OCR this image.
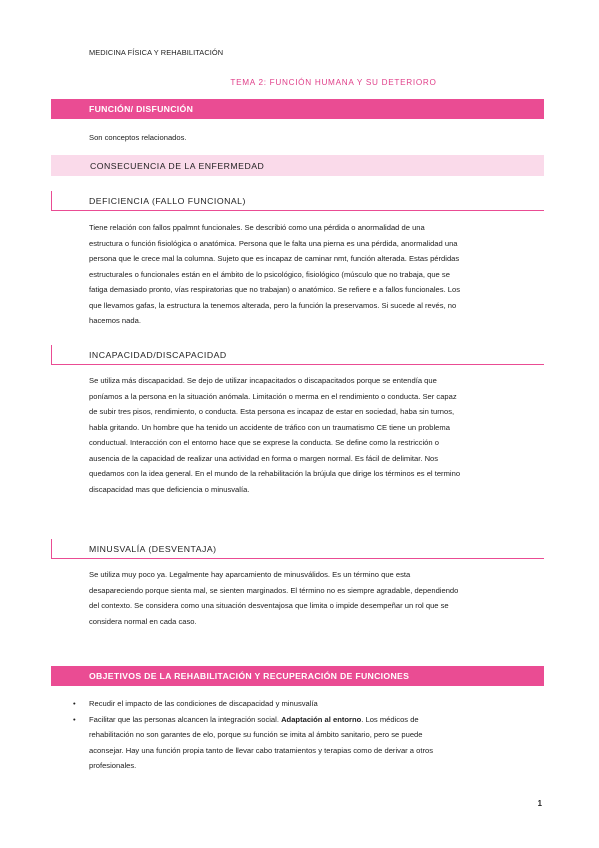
MEDICINA FÍSICA Y REHABILITACIÓN
TEMA 2: FUNCIÓN HUMANA Y SU DETERIORO
FUNCIÓN/ DISFUNCIÓN
Son conceptos relacionados.
CONSECUENCIA DE LA ENFERMEDAD
DEFICIENCIA (FALLO FUNCIONAL)
Tiene relación con fallos ppalmnt funcionales. Se describió como una pérdida o anormalidad de una
estructura o función fisiológica o anatómica. Persona que le falta una pierna es una pérdida, anormalidad una
persona que le crece mal la columna. Sujeto que es incapaz de caminar nmt, función alterada. Estas pérdidas
estructurales o funcionales están en el ámbito de lo psicológico, fisiológico (músculo que no trabaja, que se
fatiga demasiado pronto, vías respiratorias que no trabajan) o anatómico. Se refiere e a fallos funcionales. Los
que llevamos gafas, la estructura la tenemos alterada, pero la función la preservamos. Si sucede al revés, no
hacemos nada.
INCAPACIDAD/DISCAPACIDAD
Se utiliza más discapacidad. Se dejo de utilizar incapacitados o discapacitados porque se entendía que
poníamos a la persona en la situación anómala. Limitación o merma en el rendimiento o conducta. Ser capaz
de subir tres pisos, rendimiento, o conducta. Esta persona es incapaz de estar en sociedad, haba sin turnos,
habla gritando. Un hombre que ha tenido un accidente de tráfico con un traumatismo CE tiene un problema
conductual. Interacción con el entorno hace que se exprese la conducta. Se define como la restricción o
ausencia de la capacidad de realizar una actividad en forma o margen normal. Es fácil de delimitar. Nos
quedamos con la idea general. En el mundo de la rehabilitación la brújula que dirige los términos es el termino
discapacidad mas que deficiencia o minusvalía.
MINUSVALÍA (DESVENTAJA)
Se utiliza muy poco ya. Legalmente hay aparcamiento de minusválidos. Es un término que esta
desapareciendo porque sienta mal, se sienten marginados. El término no es siempre agradable, dependiendo
del contexto. Se considera como una situación desventajosa que limita o impide desempeñar un rol que se
considera normal en cada caso.
OBJETIVOS DE LA REHABILITACIÓN Y RECUPERACIÓN DE FUNCIONES
• Recudir el impacto de las condiciones de discapacidad y minusvalía
• Facilitar que las personas alcancen la integración social. Adaptación al entorno. Los médicos de
rehabilitación no son garantes de elo, porque su función se imita al ámbito sanitario, pero se puede
aconsejar. Hay una función propia tanto de llevar cabo tratamientos y terapias como de derivar a otros
profesionales.
1
